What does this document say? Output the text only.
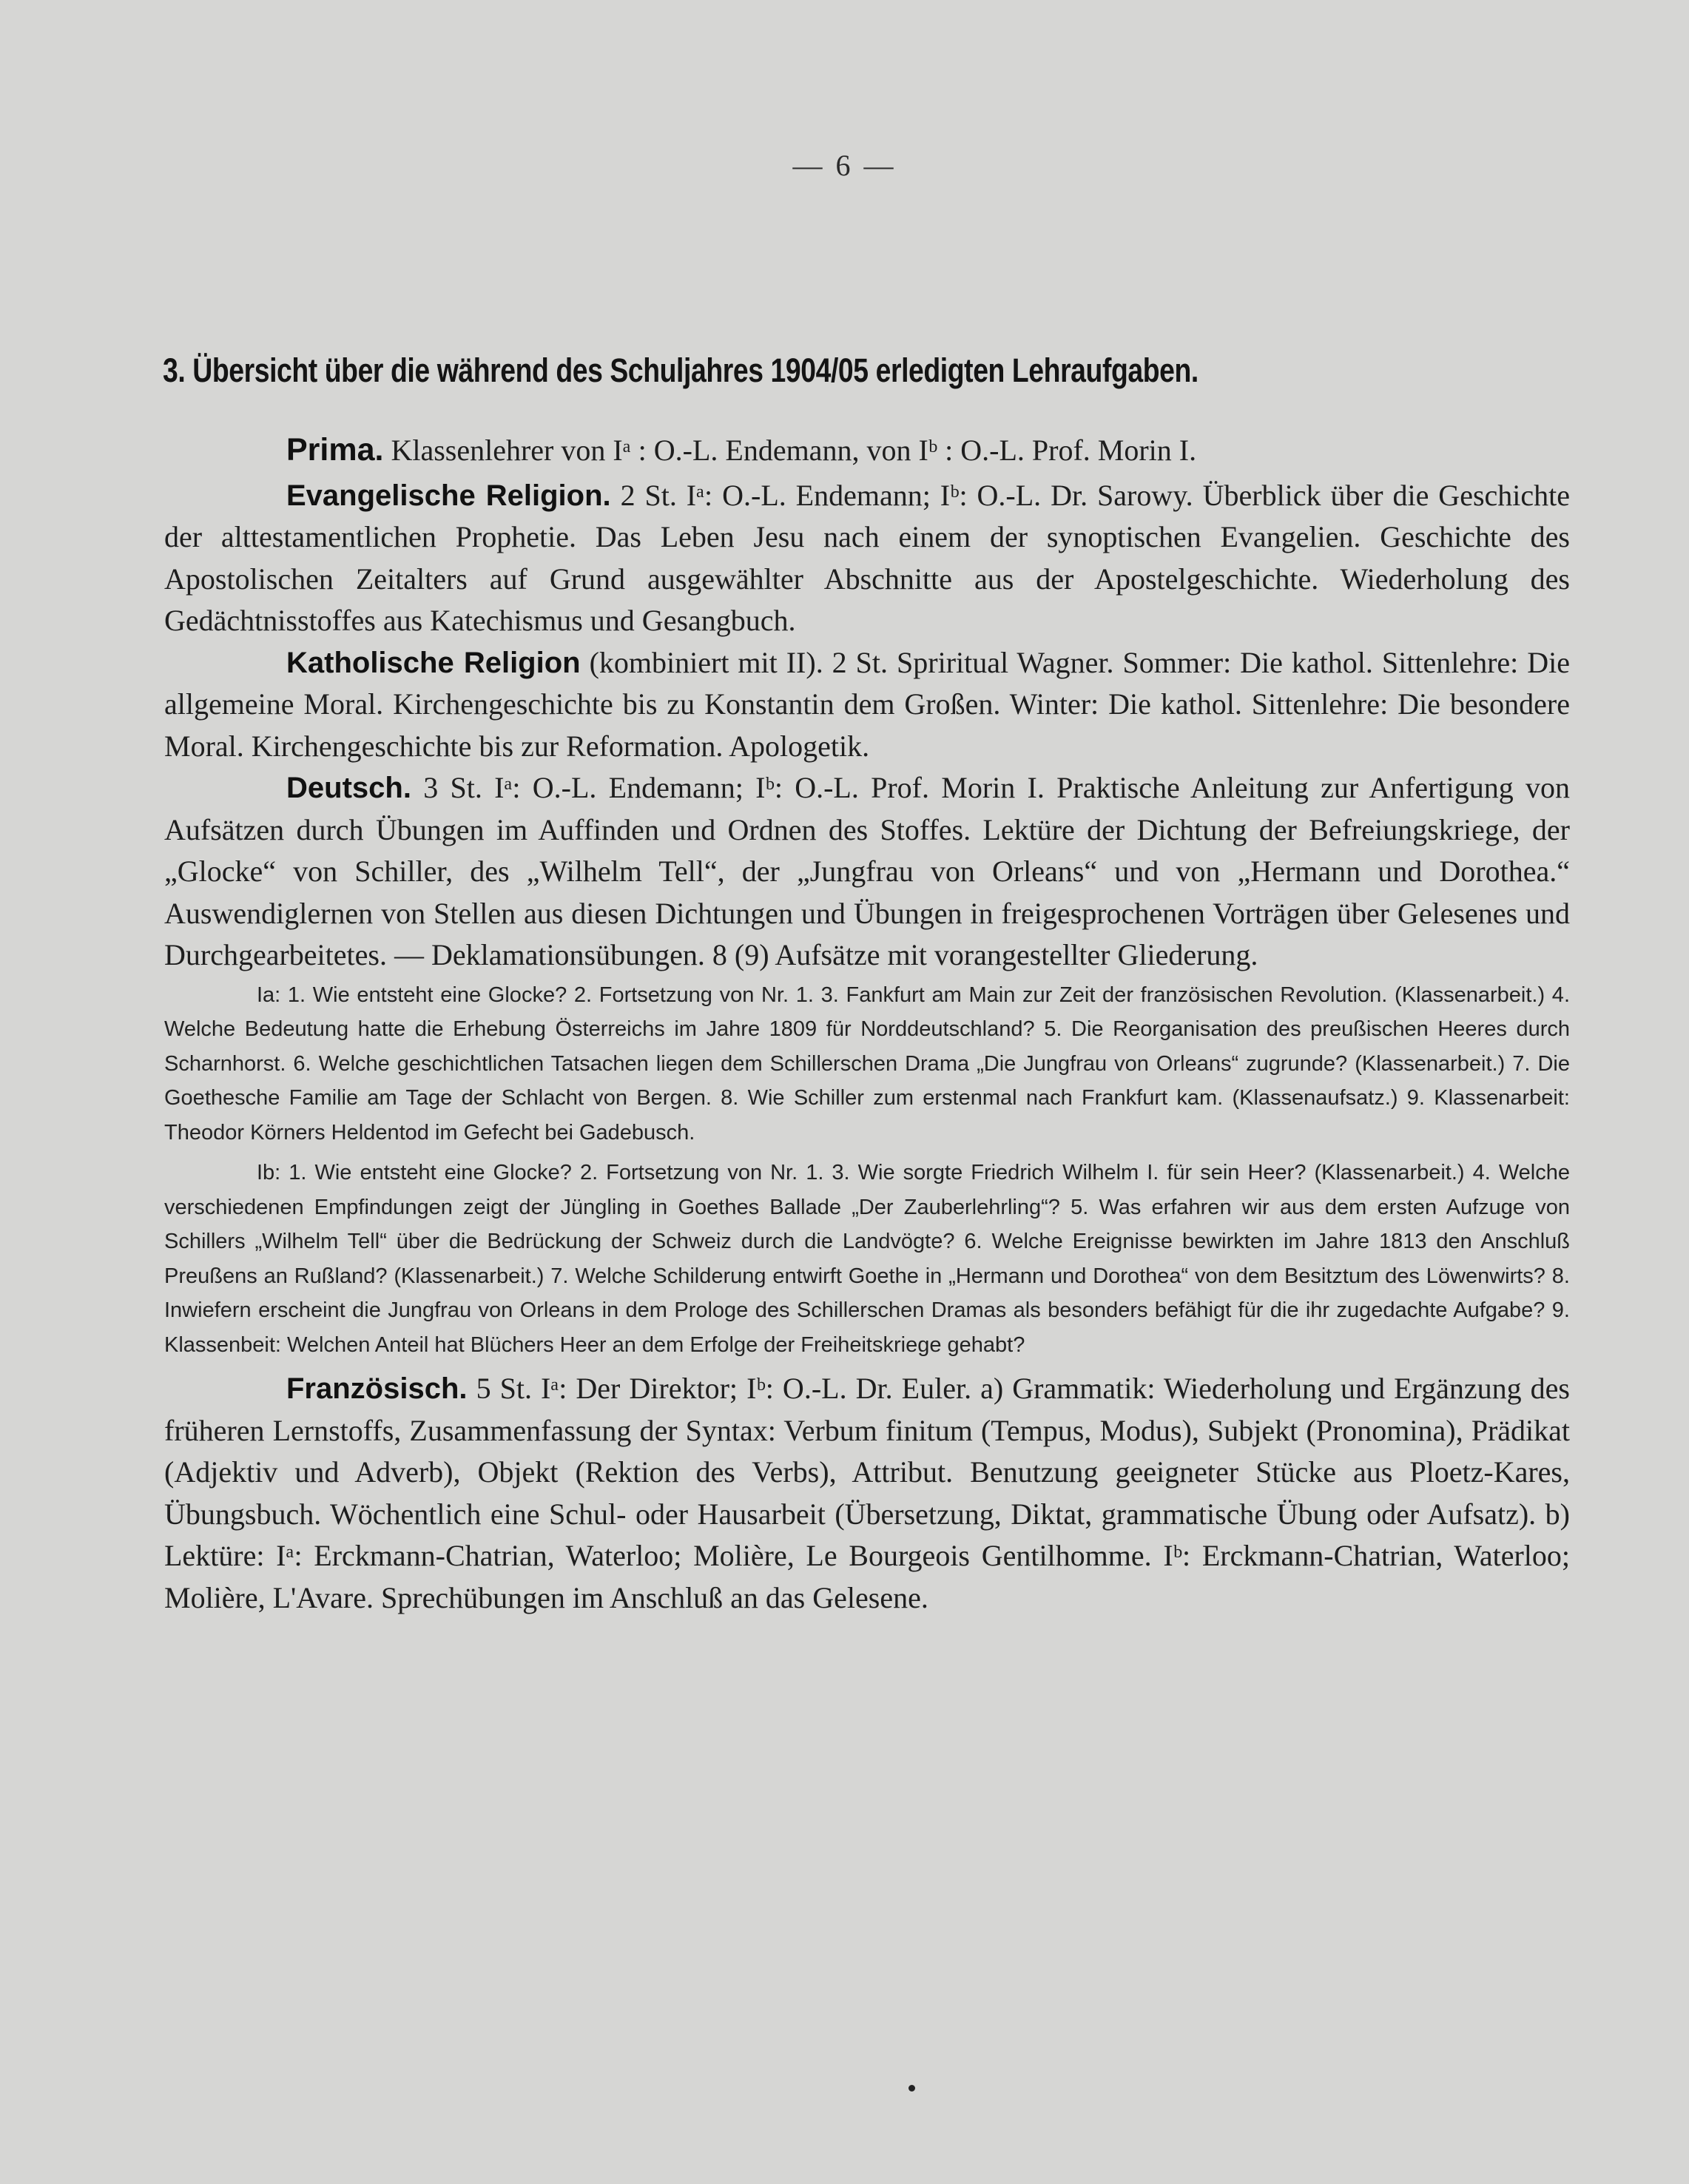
— 6 —
3. Übersicht über die während des Schuljahres 1904/05 erledigten Lehraufgaben.

Prima. Klassenlehrer von Iᵃ : O.-L. Endemann, von Iᵇ : O.-L. Prof. Morin I.

Evangelische Religion. 2 St. Iᵃ: O.-L. Endemann; Iᵇ: O.-L. Dr. Sarowy. Überblick über die Geschichte der alttestamentlichen Prophetie. Das Leben Jesu nach einem der synoptischen Evangelien. Geschichte des Apostolischen Zeitalters auf Grund ausgewählter Abschnitte aus der Apostelgeschichte. Wiederholung des Gedächtnisstoffes aus Katechismus und Gesangbuch.

Katholische Religion (kombiniert mit II). 2 St. Spriritual Wagner. Sommer: Die kathol. Sittenlehre: Die allgemeine Moral. Kirchengeschichte bis zu Konstantin dem Großen. Winter: Die kathol. Sittenlehre: Die besondere Moral. Kirchengeschichte bis zur Reformation. Apologetik.

Deutsch. 3 St. Iᵃ: O.-L. Endemann; Iᵇ: O.-L. Prof. Morin I. Praktische Anleitung zur Anfertigung von Aufsätzen durch Übungen im Auffinden und Ordnen des Stoffes. Lektüre der Dichtung der Befreiungskriege, der „Glocke“ von Schiller, des „Wilhelm Tell“, der „Jungfrau von Orleans“ und von „Hermann und Dorothea.“ Auswendiglernen von Stellen aus diesen Dichtungen und Übungen in freigesprochenen Vorträgen über Gelesenes und Durchgearbeitetes. — Deklamationsübungen. 8 (9) Aufsätze mit vorangestellter Gliederung.

Ia: 1. Wie entsteht eine Glocke? 2. Fortsetzung von Nr. 1. 3. Fankfurt am Main zur Zeit der französischen Revolution. (Klassenarbeit.) 4. Welche Bedeutung hatte die Erhebung Österreichs im Jahre 1809 für Norddeutschland? 5. Die Reorganisation des preußischen Heeres durch Scharnhorst. 6. Welche geschichtlichen Tatsachen liegen dem Schillerschen Drama „Die Jungfrau von Orleans“ zugrunde? (Klassenarbeit.) 7. Die Goethesche Familie am Tage der Schlacht von Bergen. 8. Wie Schiller zum erstenmal nach Frankfurt kam. (Klassenaufsatz.) 9. Klassenarbeit: Theodor Körners Heldentod im Gefecht bei Gadebusch.

Ib: 1. Wie entsteht eine Glocke? 2. Fortsetzung von Nr. 1. 3. Wie sorgte Friedrich Wilhelm I. für sein Heer? (Klassenarbeit.) 4. Welche verschiedenen Empfindungen zeigt der Jüngling in Goethes Ballade „Der Zauberlehrling“? 5. Was erfahren wir aus dem ersten Aufzuge von Schillers „Wilhelm Tell“ über die Bedrückung der Schweiz durch die Landvögte? 6. Welche Ereignisse bewirkten im Jahre 1813 den Anschluß Preußens an Rußland? (Klassenarbeit.) 7. Welche Schilderung entwirft Goethe in „Hermann und Dorothea“ von dem Besitztum des Löwenwirts? 8. Inwiefern erscheint die Jungfrau von Orleans in dem Prologe des Schillerschen Dramas als besonders befähigt für die ihr zugedachte Aufgabe? 9. Klassenbeit: Welchen Anteil hat Blüchers Heer an dem Erfolge der Freiheitskriege gehabt?

Französisch. 5 St. Iᵃ: Der Direktor; Iᵇ: O.-L. Dr. Euler. a) Grammatik: Wiederholung und Ergänzung des früheren Lernstoffs, Zusammenfassung der Syntax: Verbum finitum (Tempus, Modus), Subjekt (Pronomina), Prädikat (Adjektiv und Adverb), Objekt (Rektion des Verbs), Attribut. Benutzung geeigneter Stücke aus Ploetz-Kares, Übungsbuch. Wöchentlich eine Schul- oder Hausarbeit (Übersetzung, Diktat, grammatische Übung oder Aufsatz). b) Lektüre: Iᵃ: Erckmann-Chatrian, Waterloo; Molière, Le Bourgeois Gentilhomme. Iᵇ: Erckmann-Chatrian, Waterloo; Molière, L'Avare. Sprechübungen im Anschluß an das Gelesene.
